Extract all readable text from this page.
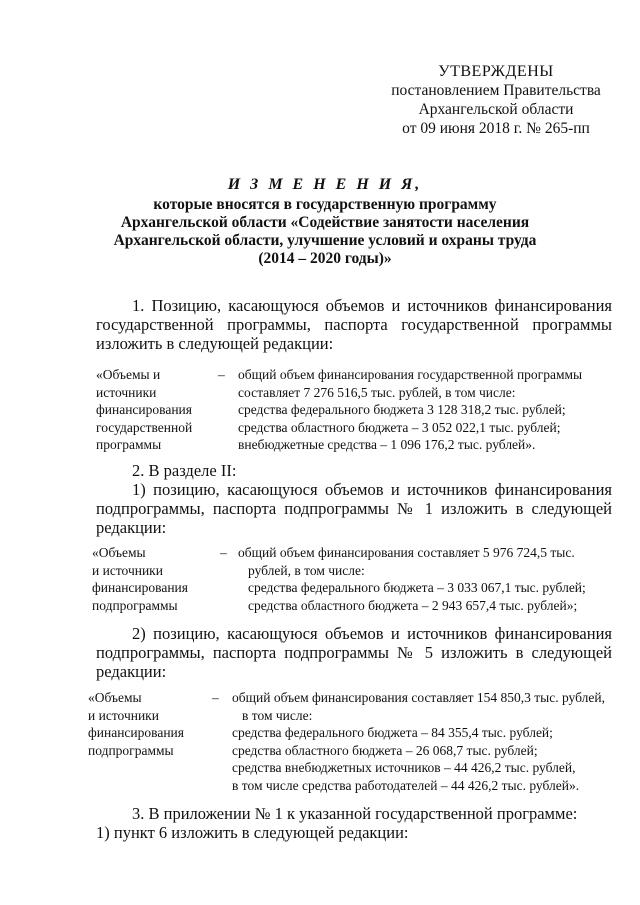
УТВЕРЖДЕНЫ
постановлением Правительства
Архангельской области
от 09 июня 2018 г. № 265-пп
И З М Е Н Е Н И Я,
которые вносятся в государственную программу
Архангельской области «Содействие занятости населения
Архангельской области, улучшение условий и охраны труда
(2014 – 2020 годы)»
1. Позицию, касающуюся объемов и источников финансирования
государственной программы, паспорта государственной программы
изложить в следующей редакции:
«Объемы и
источники
финансирования
государственной
программы
– общий объем финансирования государственной программы
составляет 7 276 516,5 тыс. рублей, в том числе:
средства федерального бюджета 3 128 318,2 тыс. рублей;
средства областного бюджета – 3 052 022,1 тыс. рублей;
внебюджетные средства – 1 096 176,2 тыс. рублей».
2. В разделе II:
1) позицию, касающуюся объемов и источников финансирования
подпрограммы, паспорта подпрограммы № 1 изложить в следующей
редакции:
«Объемы
и источники
финансирования
подпрограммы
– общий объем финансирования составляет 5 976 724,5 тыс.
рублей, в том числе:
средства федерального бюджета – 3 033 067,1 тыс. рублей;
средства областного бюджета – 2 943 657,4 тыс. рублей»;
2) позицию, касающуюся объемов и источников финансирования
подпрограммы, паспорта подпрограммы № 5 изложить в следующей
редакции:
«Объемы
и источники
финансирования
подпрограммы
– общий объем финансирования составляет 154 850,3 тыс. рублей,
в том числе:
средства федерального бюджета – 84 355,4 тыс. рублей;
средства областного бюджета – 26 068,7 тыс. рублей;
средства внебюджетных источников – 44 426,2 тыс. рублей,
в том числе средства работодателей – 44 426,2 тыс. рублей».
3. В приложении № 1 к указанной государственной программе:
1) пункт 6 изложить в следующей редакции:
